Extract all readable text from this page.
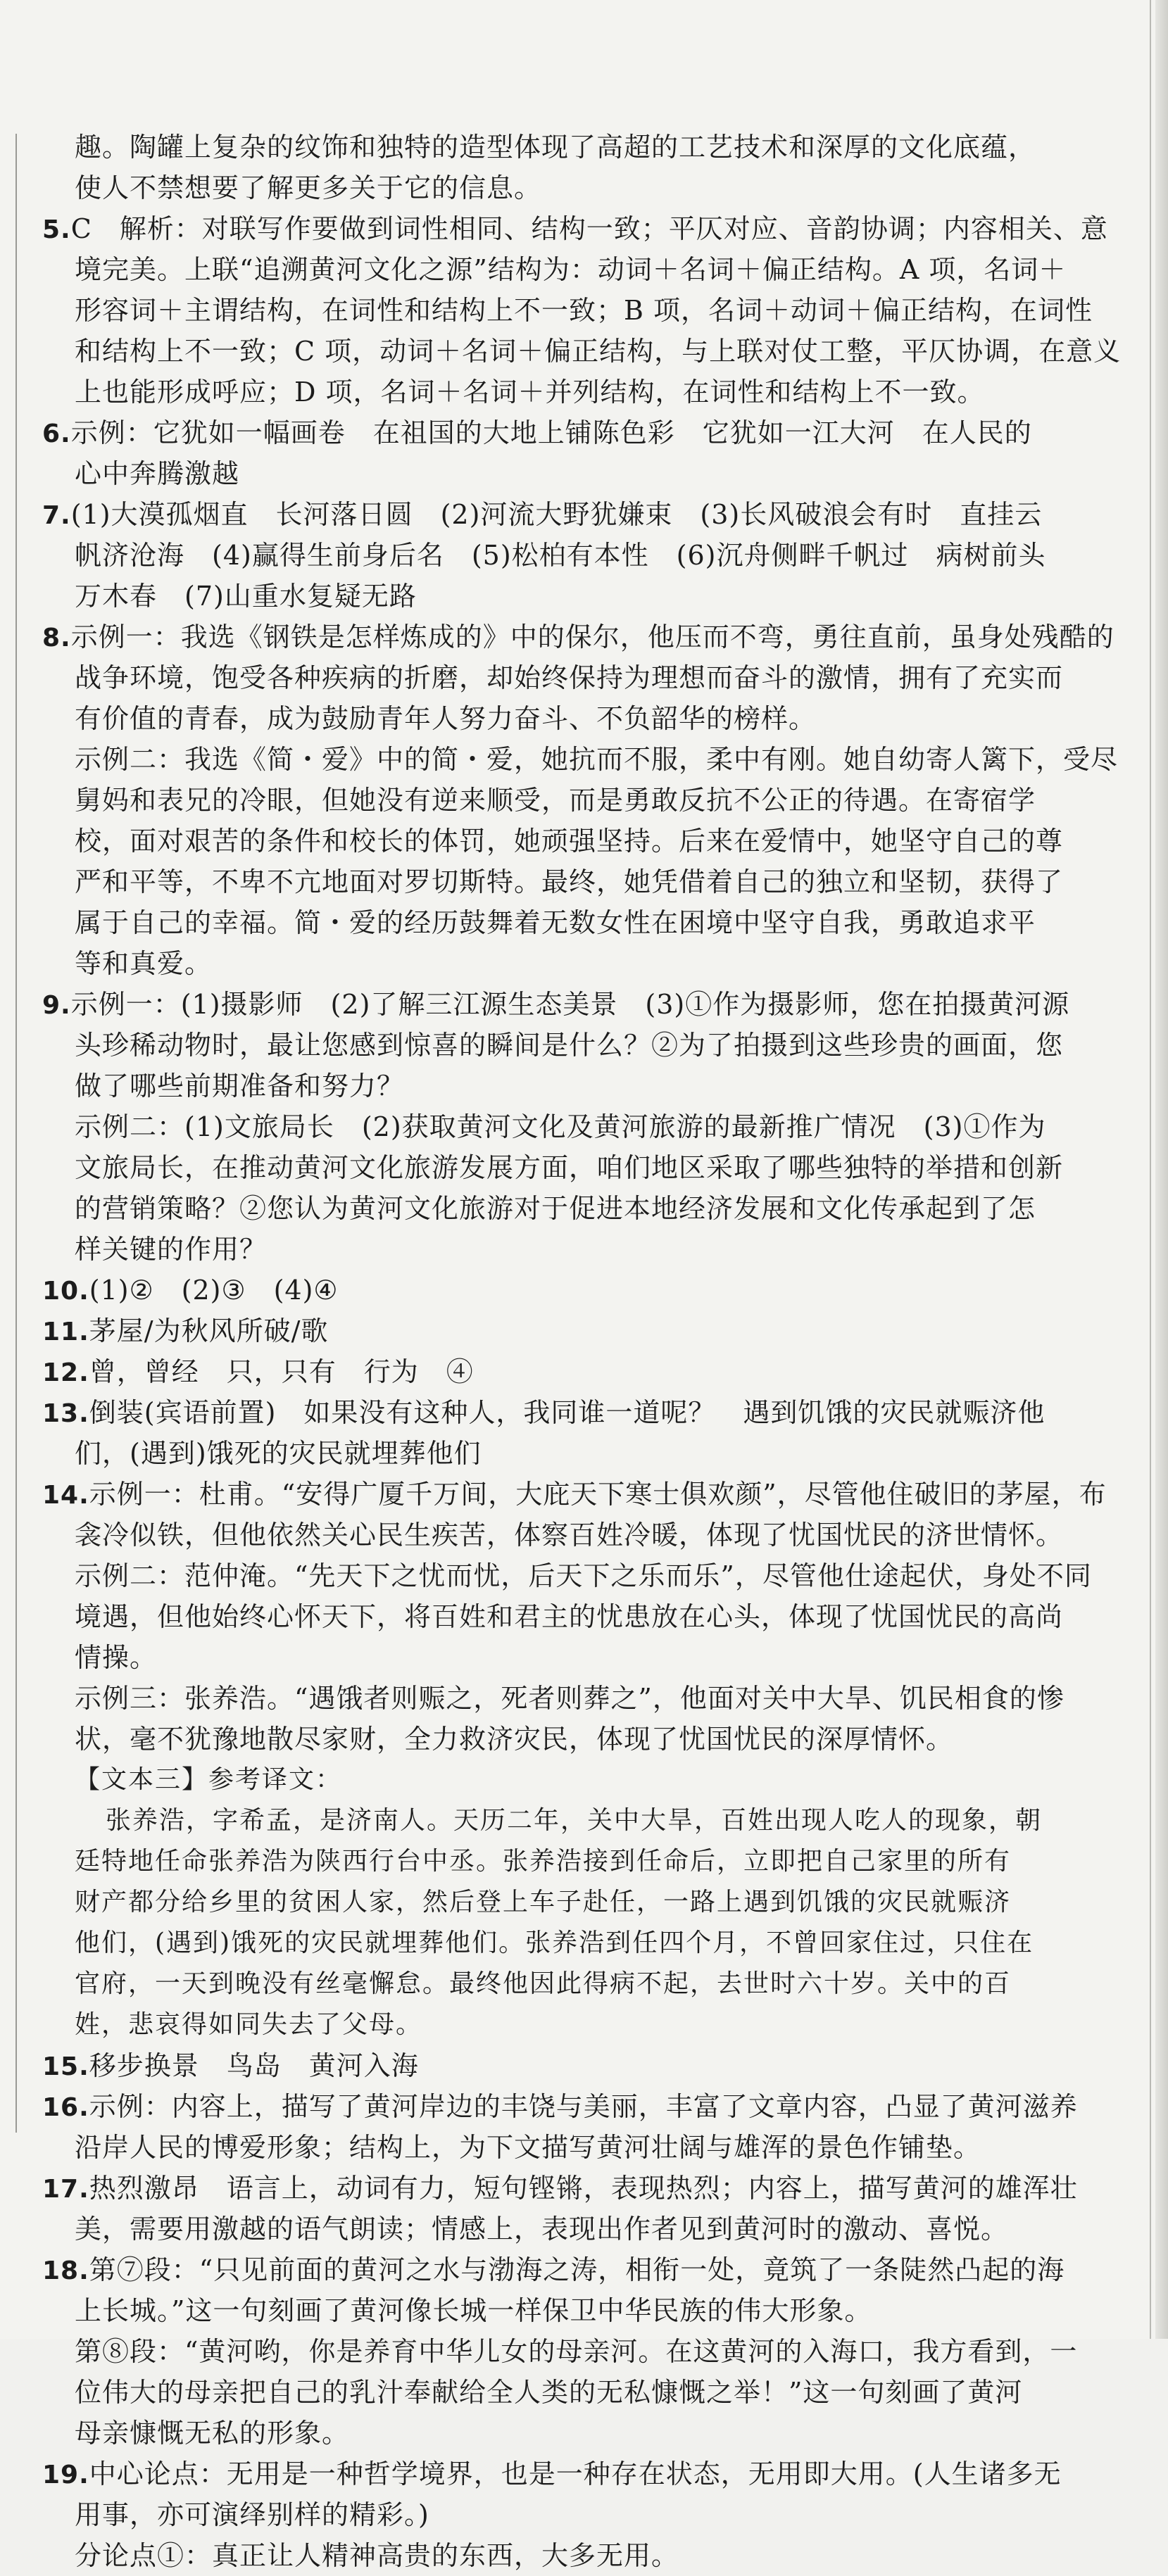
趣。陶罐上复杂的纹饰和独特的造型体现了高超的工艺技术和深厚的文化底蕴，
使人不禁想要了解更多关于它的信息。
5.C　解析：对联写作要做到词性相同、结构一致；平仄对应、音韵协调；内容相关、意
境完美。上联“追溯黄河文化之源”结构为：动词＋名词＋偏正结构。A 项，名词＋
形容词＋主谓结构，在词性和结构上不一致；B 项，名词＋动词＋偏正结构，在词性
和结构上不一致；C 项，动词＋名词＋偏正结构，与上联对仗工整，平仄协调，在意义
上也能形成呼应；D 项，名词＋名词＋并列结构，在词性和结构上不一致。
6.示例：它犹如一幅画卷　在祖国的大地上铺陈色彩　它犹如一江大河　在人民的
心中奔腾激越
7.(1)大漠孤烟直　长河落日圆　(2)河流大野犹嫌束　(3)长风破浪会有时　直挂云
帆济沧海　(4)赢得生前身后名　(5)松柏有本性　(6)沉舟侧畔千帆过　病树前头
万木春　(7)山重水复疑无路
8.示例一：我选《钢铁是怎样炼成的》中的保尔，他压而不弯，勇往直前，虽身处残酷的
战争环境，饱受各种疾病的折磨，却始终保持为理想而奋斗的激情，拥有了充实而
有价值的青春，成为鼓励青年人努力奋斗、不负韶华的榜样。
示例二：我选《简・爱》中的简・爱，她抗而不服，柔中有刚。她自幼寄人篱下，受尽
舅妈和表兄的冷眼，但她没有逆来顺受，而是勇敢反抗不公正的待遇。在寄宿学
校，面对艰苦的条件和校长的体罚，她顽强坚持。后来在爱情中，她坚守自己的尊
严和平等，不卑不亢地面对罗切斯特。最终，她凭借着自己的独立和坚韧，获得了
属于自己的幸福。简・爱的经历鼓舞着无数女性在困境中坚守自我，勇敢追求平
等和真爱。
9.示例一：(1)摄影师　(2)了解三江源生态美景　(3)①作为摄影师，您在拍摄黄河源
头珍稀动物时，最让您感到惊喜的瞬间是什么？②为了拍摄到这些珍贵的画面，您
做了哪些前期准备和努力？
示例二：(1)文旅局长　(2)获取黄河文化及黄河旅游的最新推广情况　(3)①作为
文旅局长，在推动黄河文化旅游发展方面，咱们地区采取了哪些独特的举措和创新
的营销策略？②您认为黄河文化旅游对于促进本地经济发展和文化传承起到了怎
样关键的作用？
10.(1)②　(2)③　(4)④
11.茅屋/为秋风所破/歌
12.曾，曾经　只，只有　行为　④
13.倒装(宾语前置)　如果没有这种人，我同谁一道呢？　遇到饥饿的灾民就赈济他
们，(遇到)饿死的灾民就埋葬他们
14.示例一：杜甫。“安得广厦千万间，大庇天下寒士俱欢颜”，尽管他住破旧的茅屋，布
衾冷似铁，但他依然关心民生疾苦，体察百姓冷暖，体现了忧国忧民的济世情怀。
示例二：范仲淹。“先天下之忧而忧，后天下之乐而乐”，尽管他仕途起伏，身处不同
境遇，但他始终心怀天下，将百姓和君主的忧患放在心头，体现了忧国忧民的高尚
情操。
示例三：张养浩。“遇饿者则赈之，死者则葬之”，他面对关中大旱、饥民相食的惨
状，毫不犹豫地散尽家财，全力救济灾民，体现了忧国忧民的深厚情怀。
【文本三】参考译文：
张养浩，字希孟，是济南人。天历二年，关中大旱，百姓出现人吃人的现象，朝
廷特地任命张养浩为陕西行台中丞。张养浩接到任命后，立即把自己家里的所有
财产都分给乡里的贫困人家，然后登上车子赴任，一路上遇到饥饿的灾民就赈济
他们，(遇到)饿死的灾民就埋葬他们。张养浩到任四个月，不曾回家住过，只住在
官府，一天到晚没有丝毫懈怠。最终他因此得病不起，去世时六十岁。关中的百
姓，悲哀得如同失去了父母。
15.移步换景　鸟岛　黄河入海
16.示例：内容上，描写了黄河岸边的丰饶与美丽，丰富了文章内容，凸显了黄河滋养
沿岸人民的博爱形象；结构上，为下文描写黄河壮阔与雄浑的景色作铺垫。
17.热烈激昂　语言上，动词有力，短句铿锵，表现热烈；内容上，描写黄河的雄浑壮
美，需要用激越的语气朗读；情感上，表现出作者见到黄河时的激动、喜悦。
18.第⑦段：“只见前面的黄河之水与渤海之涛，相衔一处，竟筑了一条陡然凸起的海
上长城。”这一句刻画了黄河像长城一样保卫中华民族的伟大形象。
第⑧段：“黄河哟，你是养育中华儿女的母亲河。在这黄河的入海口，我方看到，一
位伟大的母亲把自己的乳汁奉献给全人类的无私慷慨之举！”这一句刻画了黄河
母亲慷慨无私的形象。
19.中心论点：无用是一种哲学境界，也是一种存在状态，无用即大用。(人生诸多无
用事，亦可演绎别样的精彩。)
分论点①：真正让人精神高贵的东西，大多无用。
